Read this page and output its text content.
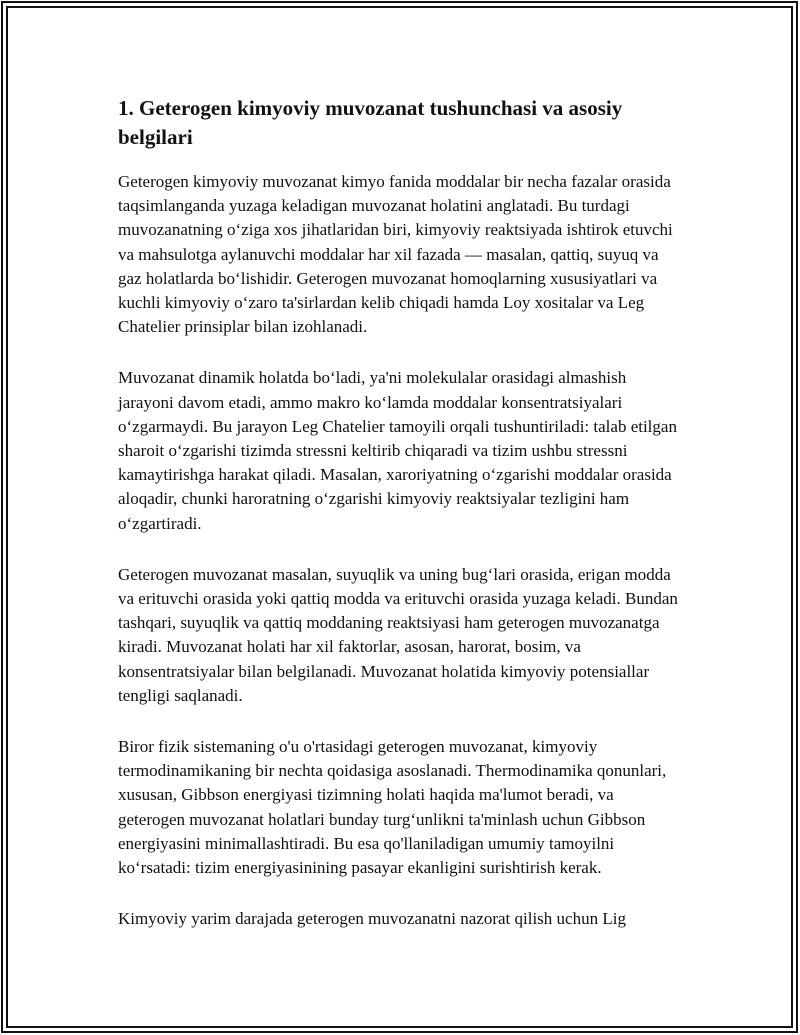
1. Geterogen kimyoviy muvozanat tushunchasi va asosiy belgilari

Geterogen kimyoviy muvozanat kimyo fanida moddalar bir necha fazalar orasida taqsimlanganda yuzaga keladigan muvozanat holatini anglatadi. Bu turdagi muvozanatning o‘ziga xos jihatlaridan biri, kimyoviy reaktsiyada ishtirok etuvchi va mahsulotga aylanuvchi moddalar har xil fazada — masalan, qattiq, suyuq va gaz holatlarda bo‘lishidir. Geterogen muvozanat homoqlarning xususiyatlari va kuchli kimyoviy o‘zaro ta'sirlardan kelib chiqadi hamda Loy xositalar va Leg Chatelier prinsiplar bilan izohlanadi.

Muvozanat dinamik holatda bo‘ladi, ya'ni molekulalar orasidagi almashish jarayoni davom etadi, ammo makro ko‘lamda moddalar konsentratsiyalari o‘zgarmaydi. Bu jarayon Leg Chatelier tamoyili orqali tushuntiriladi: talab etilgan sharoit o‘zgarishi tizimda stressni keltirib chiqaradi va tizim ushbu stressni kamaytirishga harakat qiladi. Masalan, xaroriyatning o‘zgarishi moddalar orasida aloqadir, chunki haroratning o‘zgarishi kimyoviy reaktsiyalar tezligini ham o‘zgartiradi.

Geterogen muvozanat masalan, suyuqlik va uning bug‘lari orasida, erigan modda va erituvchi orasida yoki qattiq modda va erituvchi orasida yuzaga keladi. Bundan tashqari, suyuqlik va qattiq moddaning reaktsiyasi ham geterogen muvozanatga kiradi. Muvozanat holati har xil faktorlar, asosan, harorat, bosim, va konsentratsiyalar bilan belgilanadi. Muvozanat holatida kimyoviy potensiallar tengligi saqlanadi.

Biror fizik sistemaning o'u o'rtasidagi geterogen muvozanat, kimyoviy termodinamikaning bir nechta qoidasiga asoslanadi. Thermodinamika qonunlari, xususan, Gibbson energiyasi tizimning holati haqida ma'lumot beradi, va geterogen muvozanat holatlari bunday turg‘unlikni ta'minlash uchun Gibbson energiyasini minimallashtiradi. Bu esa qo'llaniladigan umumiy tamoyilni ko‘rsatadi: tizim energiyasinining pasayar ekanligini surishtirish kerak.

Kimyoviy yarim darajada geterogen muvozanatni nazorat qilish uchun Lig
